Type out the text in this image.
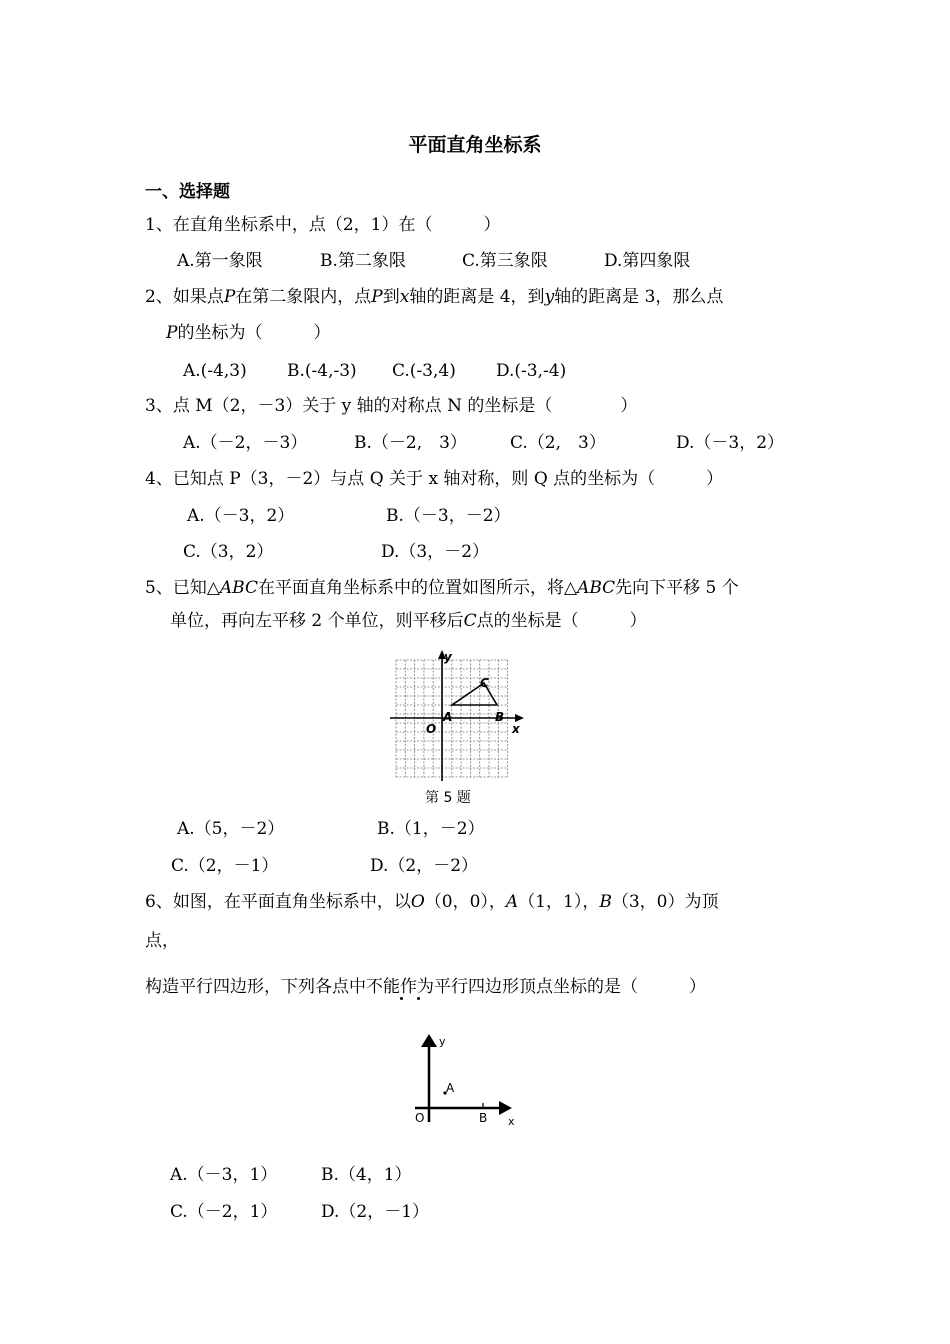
平面直角坐标系
一、选择题
1、在直角坐标系中，点（2，1）在（　　　）
A.第一象限	B.第二象限	C.第三象限	D.第四象限
2、如果点P在第二象限内，点P到x轴的距离是 4，到y轴的距离是 3，那么点
P的坐标为（　　　）
A.(-4,3) B.(-4,-3) C.(-3,4) D.(-3,-4)
3、点 M（2，－3）关于 y 轴的对称点 N 的坐标是（　　　　）
A.（－2，－3）	B.（－2,　3）	C.（2,　3）	D.（－3，2）
4、已知点 P（3，－2）与点 Q 关于 x 轴对称，则 Q 点的坐标为（　　　）
A.（－3，2）	B.（－3，－2）
C.（3，2）	D.（3，－2）
5、已知△ABC在平面直角坐标系中的位置如图所示，将△ABC先向下平移 5 个
单位，再向左平移 2 个单位，则平移后C点的坐标是（　　　）
y
x
O
A	B
C
第 5 题
A.（5，－2）	B.（1，－2）
C.（2，－1）	D.（2，－2）
6、如图，在平面直角坐标系中，以O（0，0），A（1，1），B（3，0）为顶
点，
构造平行四边形，下列各点中不能作为平行四边形顶点坐标的是（　　　）
y
x
O
A
B
A.（－3，1）	B.（4，1）
C.（－2，1）	D.（2，－1）
